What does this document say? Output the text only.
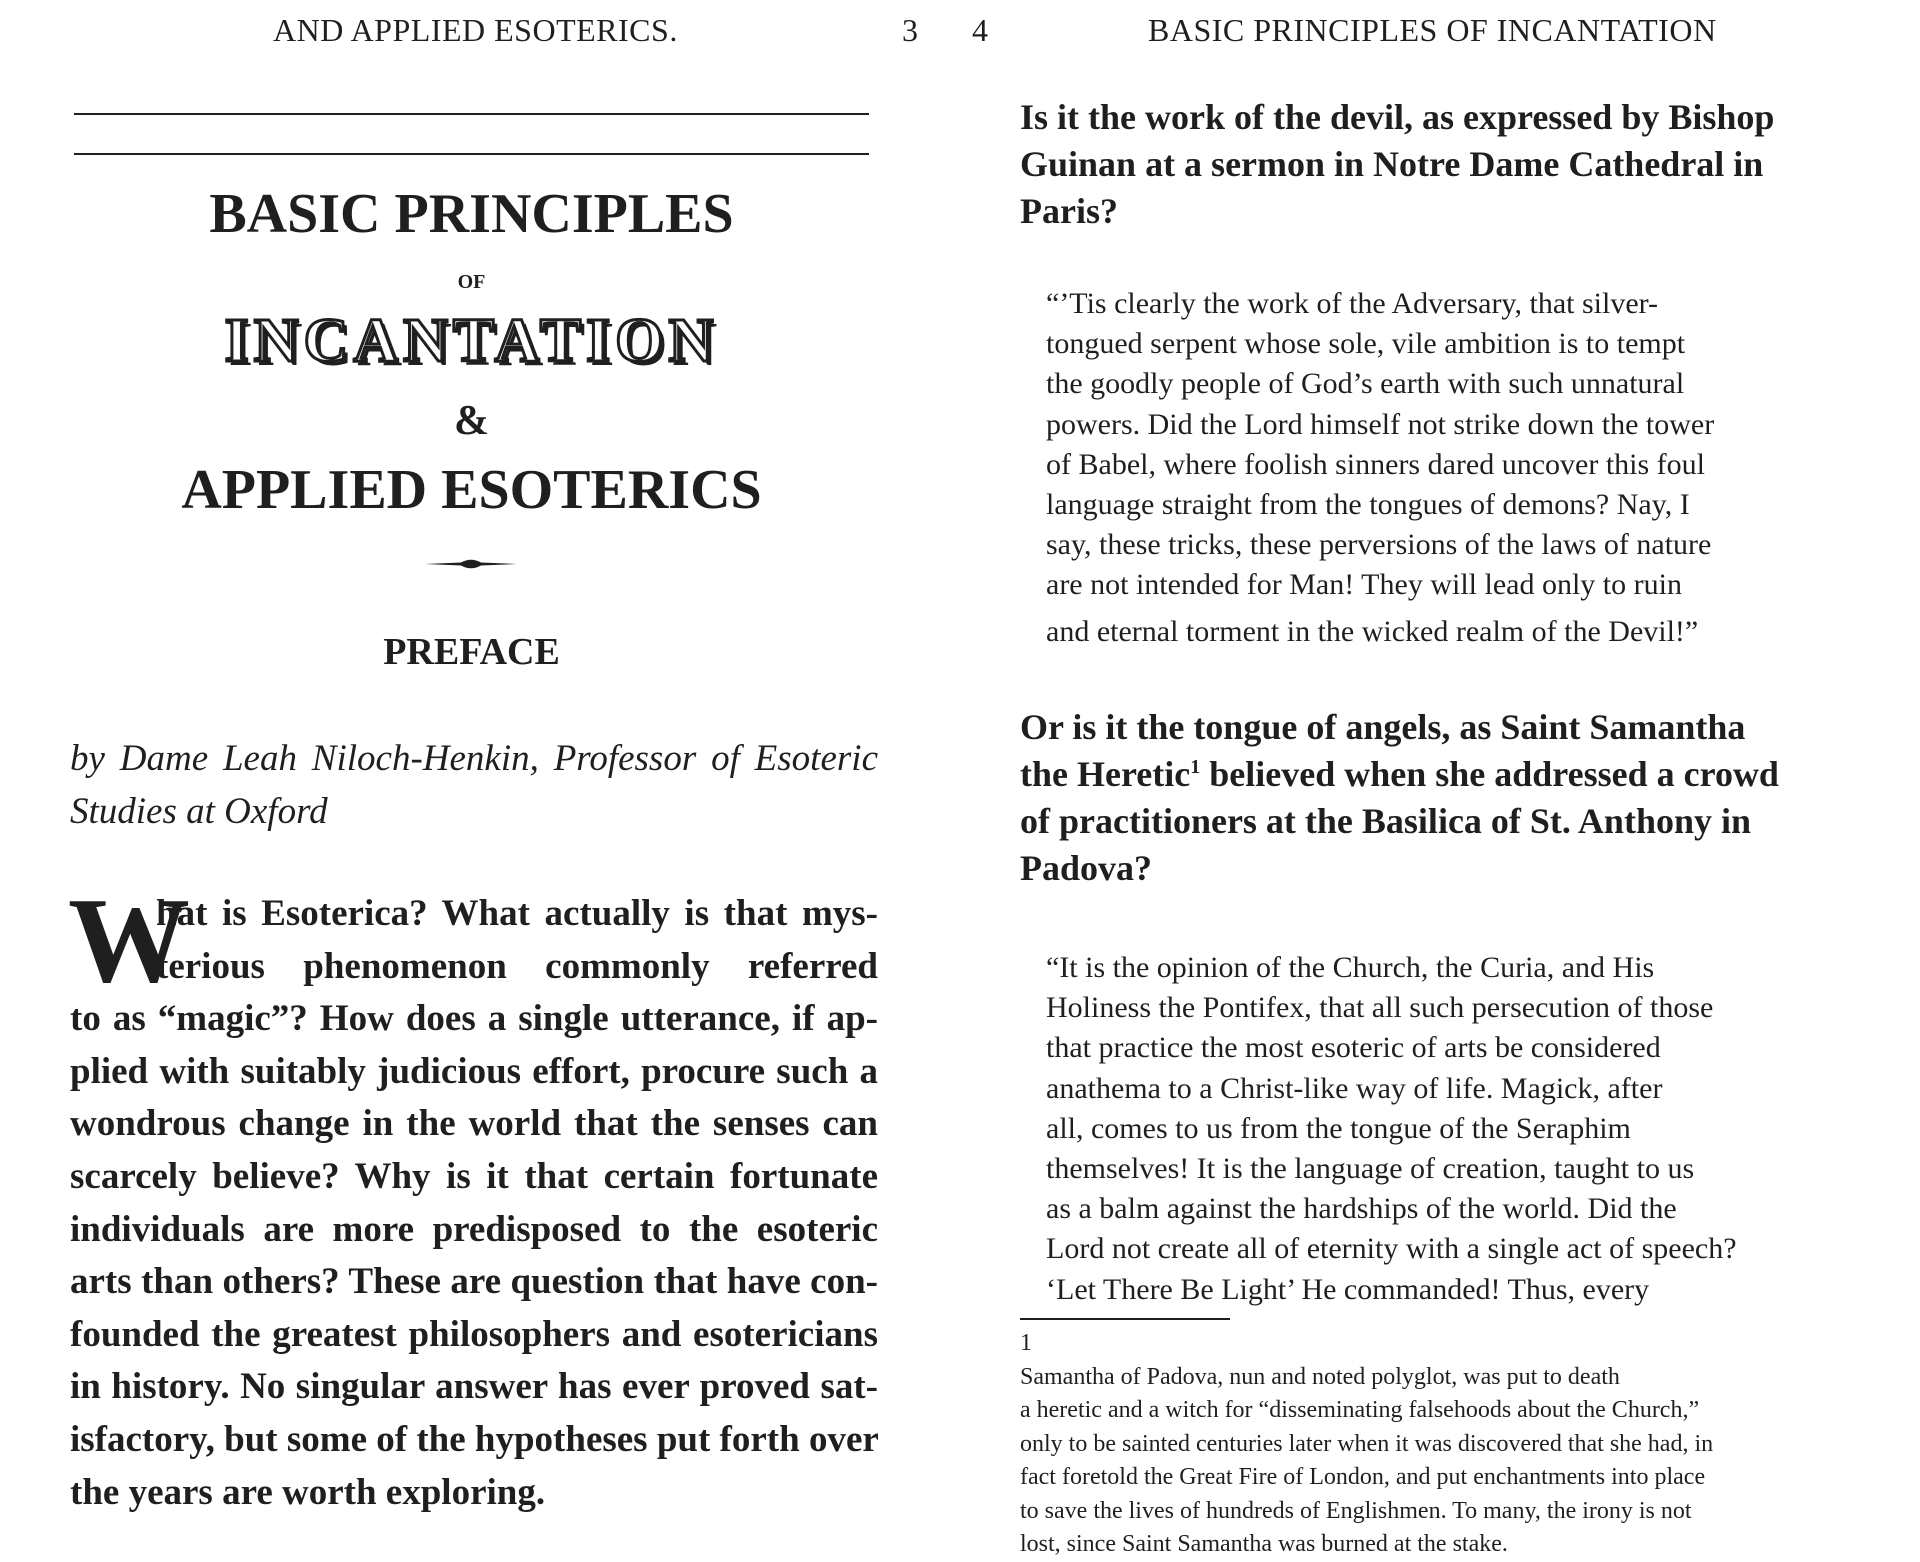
AND APPLIED ESOTERICS.	3 4	BASIC PRINCIPLES OF INCANTATION
BASIC PRINCIPLES
OF
INCANTATION
&
APPLIED ESOTERICS
PREFACE
by Dame Leah Niloch-Henkin, Professor of Esoteric
Studies at Oxford
W
hat is Esoterica? What actually is that mys-
terious phenomenon commonly referred
to as “magic”? How does a single utterance, if ap-
plied with suitably judicious effort, procure such a
wondrous change in the world that the senses can
scarcely believe? Why is it that certain fortunate
individuals are more predisposed to the esoteric
arts than others? These are question that have con-
founded the greatest philosophers and esotericians
in history. No singular answer has ever proved sat-
isfactory, but some of the hypotheses put forth over
the years are worth exploring.
Is it the work of the devil, as expressed by Bishop
Guinan at a sermon in Notre Dame Cathedral in
Paris?
“’Tis clearly the work of the Adversary, that silver-
tongued serpent whose sole, vile ambition is to tempt
the goodly people of God’s earth with such unnatural
powers. Did the Lord himself not strike down the tower
of Babel, where foolish sinners dared uncover this foul
language straight from the tongues of demons? Nay, I
say, these tricks, these perversions of the laws of nature
are not intended for Man! They will lead only to ruin
and eternal torment in the wicked realm of the Devil!”
Or is it the tongue of angels, as Saint Samantha
the Heretic$^1$ believed when she addressed a crowd
of practitioners at the Basilica of St. Anthony in
Padova?
“It is the opinion of the Church, the Curia, and His
Holiness the Pontifex, that all such persecution of those
that practice the most esoteric of arts be considered
anathema to a Christ-like way of life. Magick, after
all, comes to us from the tongue of the Seraphim
themselves! It is the language of creation, taught to us
as a balm against the hardships of the world. Did the
Lord not create all of eternity with a single act of speech?
‘Let There Be Light’ He commanded! Thus, every
1
Samantha of Padova, nun and noted polyglot, was put to death
a heretic and a witch for “disseminating falsehoods about the Church,”
only to be sainted centuries later when it was discovered that she had, in
fact foretold the Great Fire of London, and put enchantments into place
to save the lives of hundreds of Englishmen. To many, the irony is not
lost, since Saint Samantha was burned at the stake.
